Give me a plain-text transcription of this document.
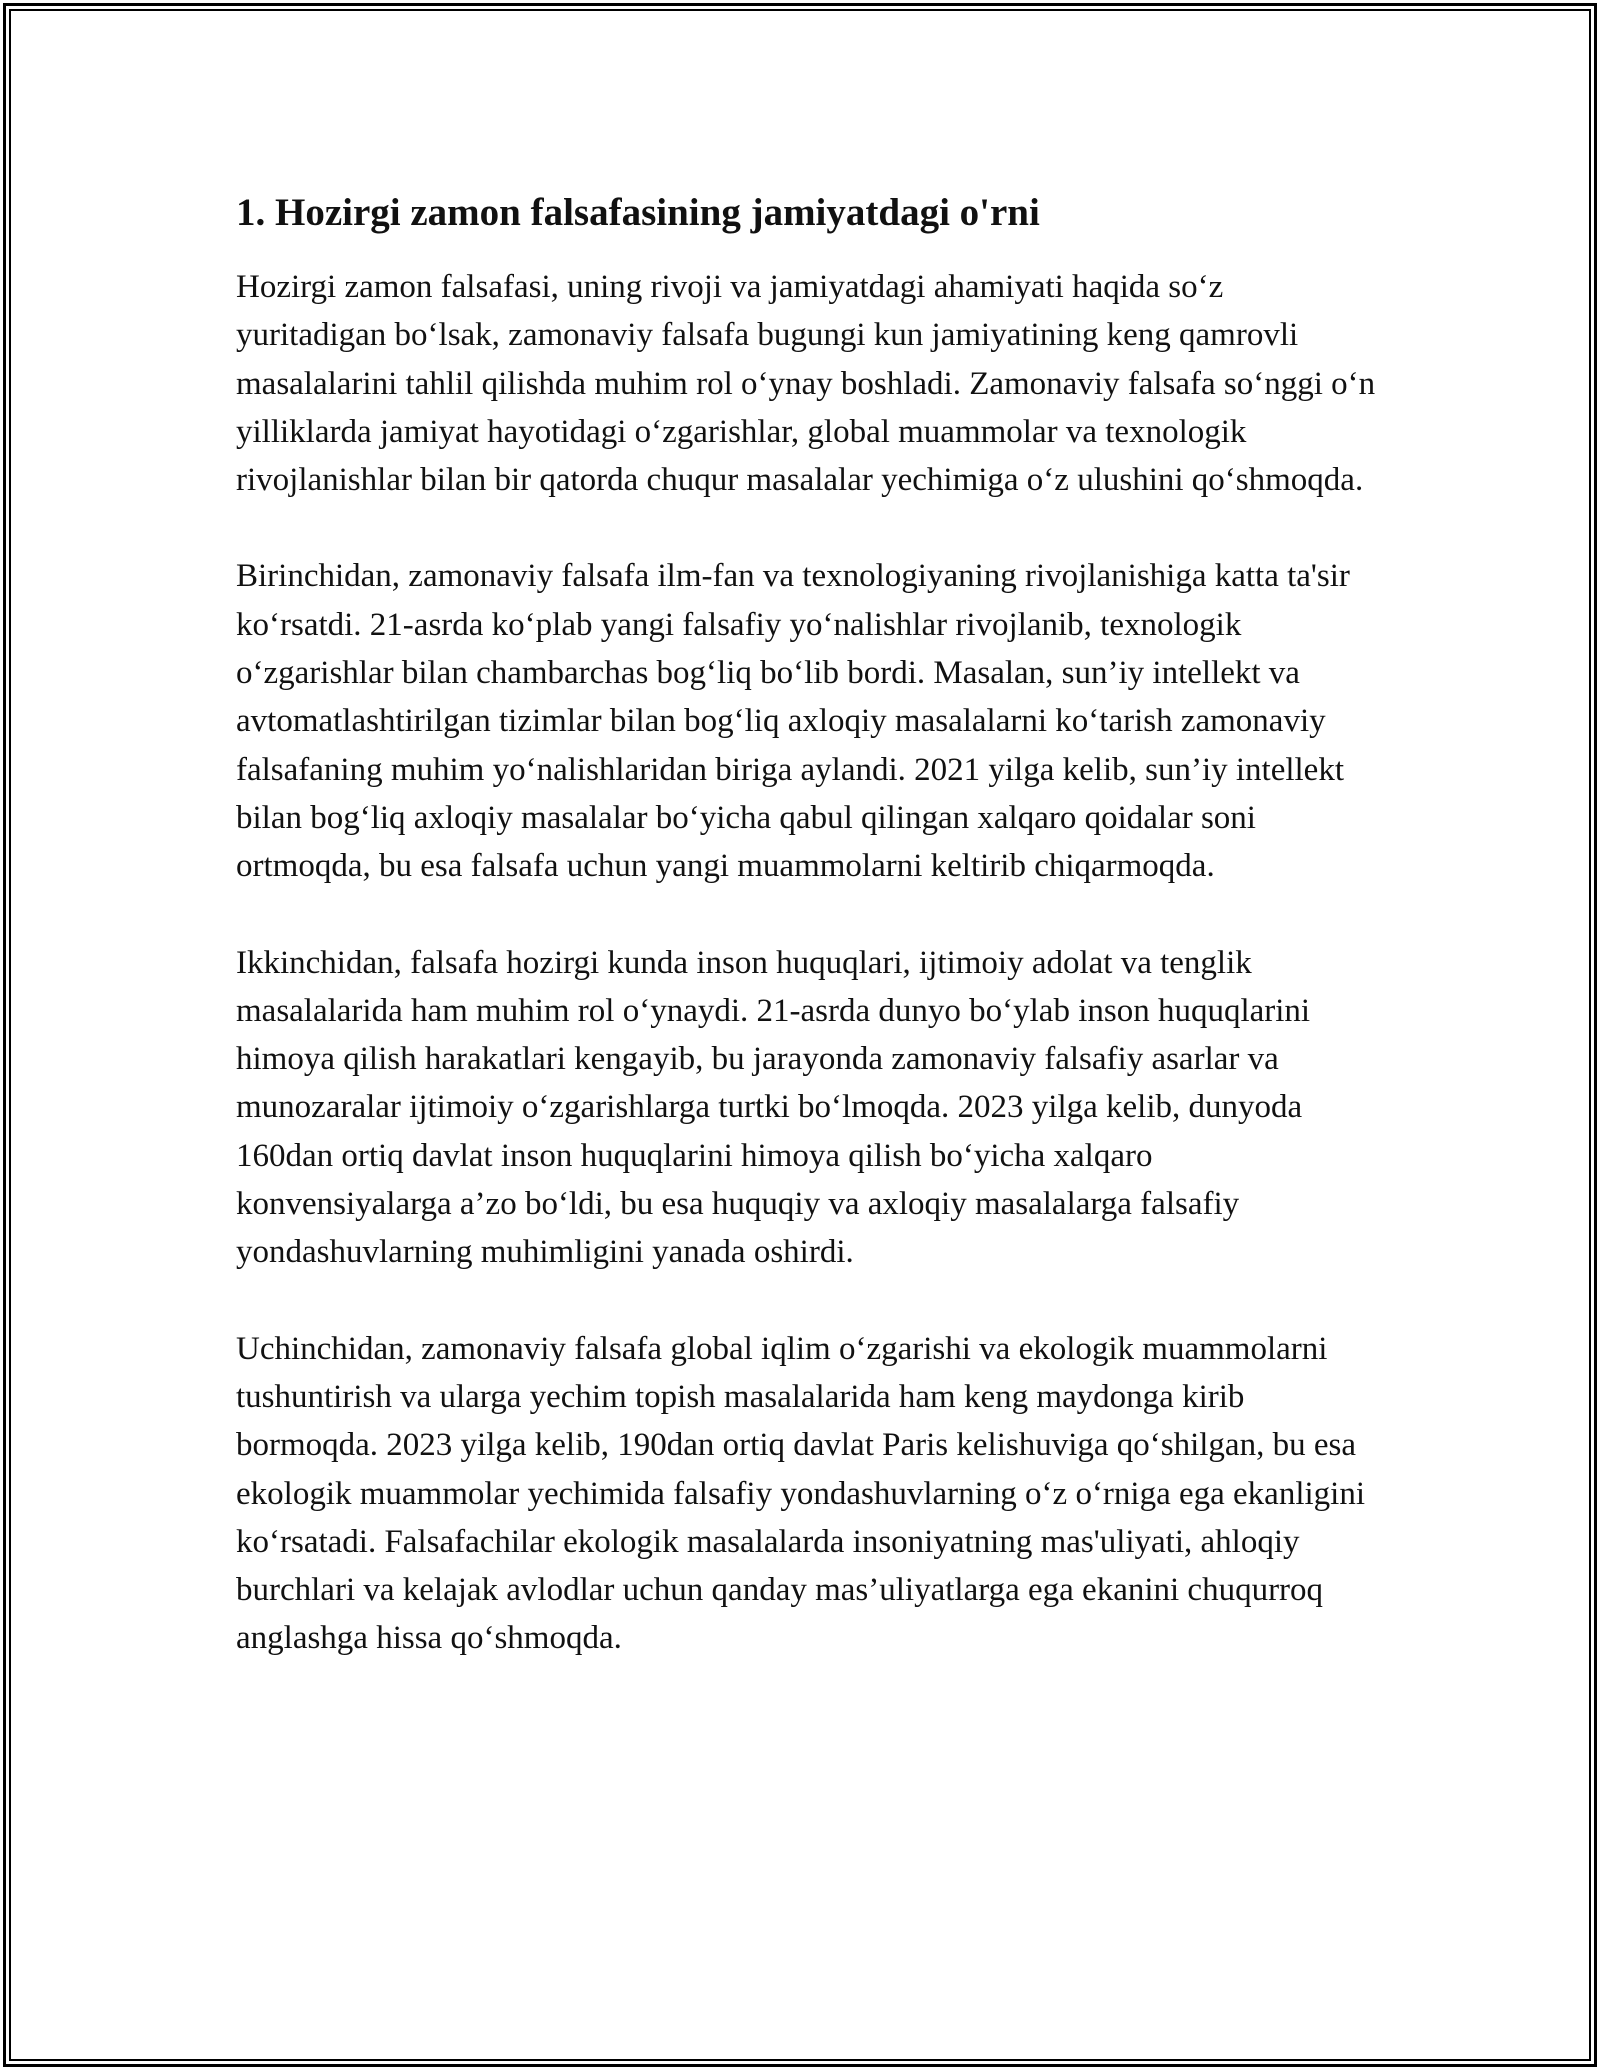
1. Hozirgi zamon falsafasining jamiyatdagi o'rni

Hozirgi zamon falsafasi, uning rivoji va jamiyatdagi ahamiyati haqida so‘z yuritadigan bo‘lsak, zamonaviy falsafa bugungi kun jamiyatining keng qamrovli masalalarini tahlil qilishda muhim rol o‘ynay boshladi. Zamonaviy falsafa so‘nggi o‘n yilliklarda jamiyat hayotidagi o‘zgarishlar, global muammolar va texnologik rivojlanishlar bilan bir qatorda chuqur masalalar yechimiga o‘z ulushini qo‘shmoqda.

Birinchidan, zamonaviy falsafa ilm-fan va texnologiyaning rivojlanishiga katta ta'sir ko‘rsatdi. 21-asrda ko‘plab yangi falsafiy yo‘nalishlar rivojlanib, texnologik o‘zgarishlar bilan chambarchas bog‘liq bo‘lib bordi. Masalan, sun’iy intellekt va avtomatlashtirilgan tizimlar bilan bog‘liq axloqiy masalalarni ko‘tarish zamonaviy falsafaning muhim yo‘nalishlaridan biriga aylandi. 2021 yilga kelib, sun’iy intellekt bilan bog‘liq axloqiy masalalar bo‘yicha qabul qilingan xalqaro qoidalar soni ortmoqda, bu esa falsafa uchun yangi muammolarni keltirib chiqarmoqda.

Ikkinchidan, falsafa hozirgi kunda inson huquqlari, ijtimoiy adolat va tenglik masalalarida ham muhim rol o‘ynaydi. 21-asrda dunyo bo‘ylab inson huquqlarini himoya qilish harakatlari kengayib, bu jarayonda zamonaviy falsafiy asarlar va munozaralar ijtimoiy o‘zgarishlarga turtki bo‘lmoqda. 2023 yilga kelib, dunyoda 160dan ortiq davlat inson huquqlarini himoya qilish bo‘yicha xalqaro konvensiyalarga a’zo bo‘ldi, bu esa huquqiy va axloqiy masalalarga falsafiy yondashuvlarning muhimligini yanada oshirdi.

Uchinchidan, zamonaviy falsafa global iqlim o‘zgarishi va ekologik muammolarni tushuntirish va ularga yechim topish masalalarida ham keng maydonga kirib bormoqda. 2023 yilga kelib, 190dan ortiq davlat Paris kelishuviga qo‘shilgan, bu esa ekologik muammolar yechimida falsafiy yondashuvlarning o‘z o‘rniga ega ekanligini ko‘rsatadi. Falsafachilar ekologik masalalarda insoniyatning mas'uliyati, ahloqiy burchlari va kelajak avlodlar uchun qanday mas’uliyatlarga ega ekanini chuqurroq anglashga hissa qo‘shmoqda.
